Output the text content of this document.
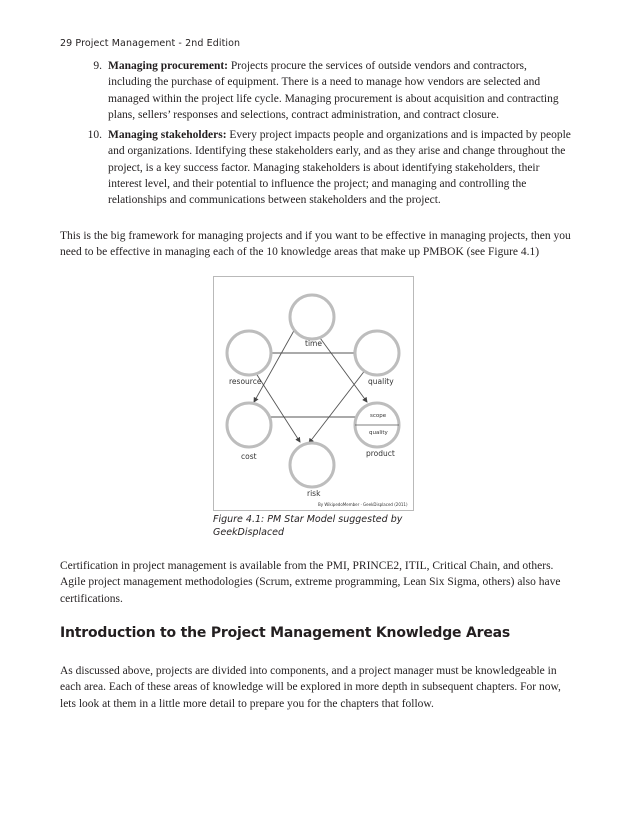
29 Project Management - 2nd Edition
9. Managing procurement: Projects procure the services of outside vendors and contractors, including the purchase of equipment. There is a need to manage how vendors are selected and managed within the project life cycle. Managing procurement is about acquisition and contracting plans, sellers’ responses and selections, contract administration, and contract closure.
10. Managing stakeholders: Every project impacts people and organizations and is impacted by people and organizations. Identifying these stakeholders early, and as they arise and change throughout the project, is a key success factor. Managing stakeholders is about identifying stakeholders, their interest level, and their potential to influence the project; and managing and controlling the relationships and communications between stakeholders and the project.

This is the big framework for managing projects and if you want to be effective in managing projects, then you need to be effective in managing each of the 10 knowledge areas that make up PMBOK (see Figure 4.1)

time
resource	quality
scope
quality
product
cost
risk
By WikipedoMember · GeekDisplaced (2011)

Figure 4.1: PM Star Model suggested by GeekDisplaced

Certification in project management is available from the PMI, PRINCE2, ITIL, Critical Chain, and others. Agile project management methodologies (Scrum, extreme programming, Lean Six Sigma, others) also have certifications.

Introduction to the Project Management Knowledge Areas

As discussed above, projects are divided into components, and a project manager must be knowledgeable in each area. Each of these areas of knowledge will be explored in more depth in subsequent chapters. For now, lets look at them in a little more detail to prepare you for the chapters that follow.
